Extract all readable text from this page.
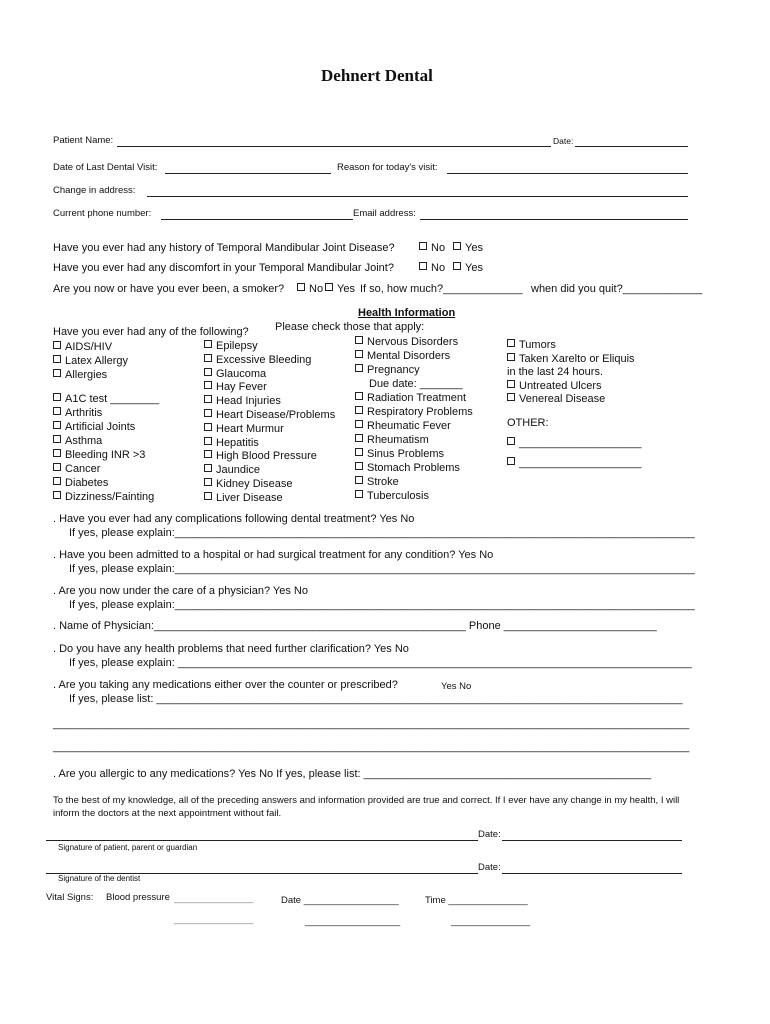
Dehnert Dental
Patient Name:	Date:
Date of Last Dental Visit:	Reason for today's visit:
Change in address:
Current phone number:	Email address:
Have you ever had any history of Temporal Mandibular Joint Disease?	No	Yes
Have you ever had any discomfort in your Temporal Mandibular Joint?	No	Yes
Are you now or have you ever been, a smoker?	No	Yes If so, how much?_____________ when did you quit?_____________
Health Information
Please check those that apply:
Have you ever had any of the following?
AIDS/HIV
Latex Allergy
Allergies
A1C test ________
Arthritis
Artificial Joints
Asthma
Bleeding INR >3
Cancer
Diabetes
Dizziness/Fainting
Epilepsy
Excessive Bleeding
Glaucoma
Hay Fever
Head Injuries
Heart Disease/Problems
Heart Murmur
Hepatitis
High Blood Pressure
Jaundice
Kidney Disease
Liver Disease
Nervous Disorders
Mental Disorders
Pregnancy
Due date: _______
Radiation Treatment
Respiratory Problems
Rheumatic Fever
Rheumatism
Sinus Problems
Stomach Problems
Stroke
Tuberculosis
Tumors
Taken Xarelto or Eliquis
in the last 24 hours.
Untreated Ulcers
Venereal Disease
OTHER:
____________________
____________________
. Have you ever had any complications following dental treatment? Yes No
If yes, please explain:_____________________________________________________________________________________
. Have you been admitted to a hospital or had surgical treatment for any condition? Yes No
If yes, please explain:_____________________________________________________________________________________
. Are you now under the care of a physician? Yes No
If yes, please explain:_____________________________________________________________________________________
. Name of Physician:___________________________________________________ Phone _________________________
. Do you have any health problems that need further clarification? Yes No
If yes, please explain: ____________________________________________________________________________________
. Are you taking any medications either over the counter or prescribed?	Yes No
If yes, please list: ______________________________________________________________________________________
________________________________________________________________________________________________________
________________________________________________________________________________________________________
. Are you allergic to any medications? Yes No If yes, please list: _______________________________________________
To the best of my knowledge, all of the preceding answers and information provided are true and correct. If I ever have any change in my health, I will
inform the doctors at the next appointment without fail.
Date:
Signature of patient, parent or guardian
Date:
Signature of the dentist
Vital Signs: Blood pressure _______________
_______________
Date __________________
__________________
Time _______________
_______________
